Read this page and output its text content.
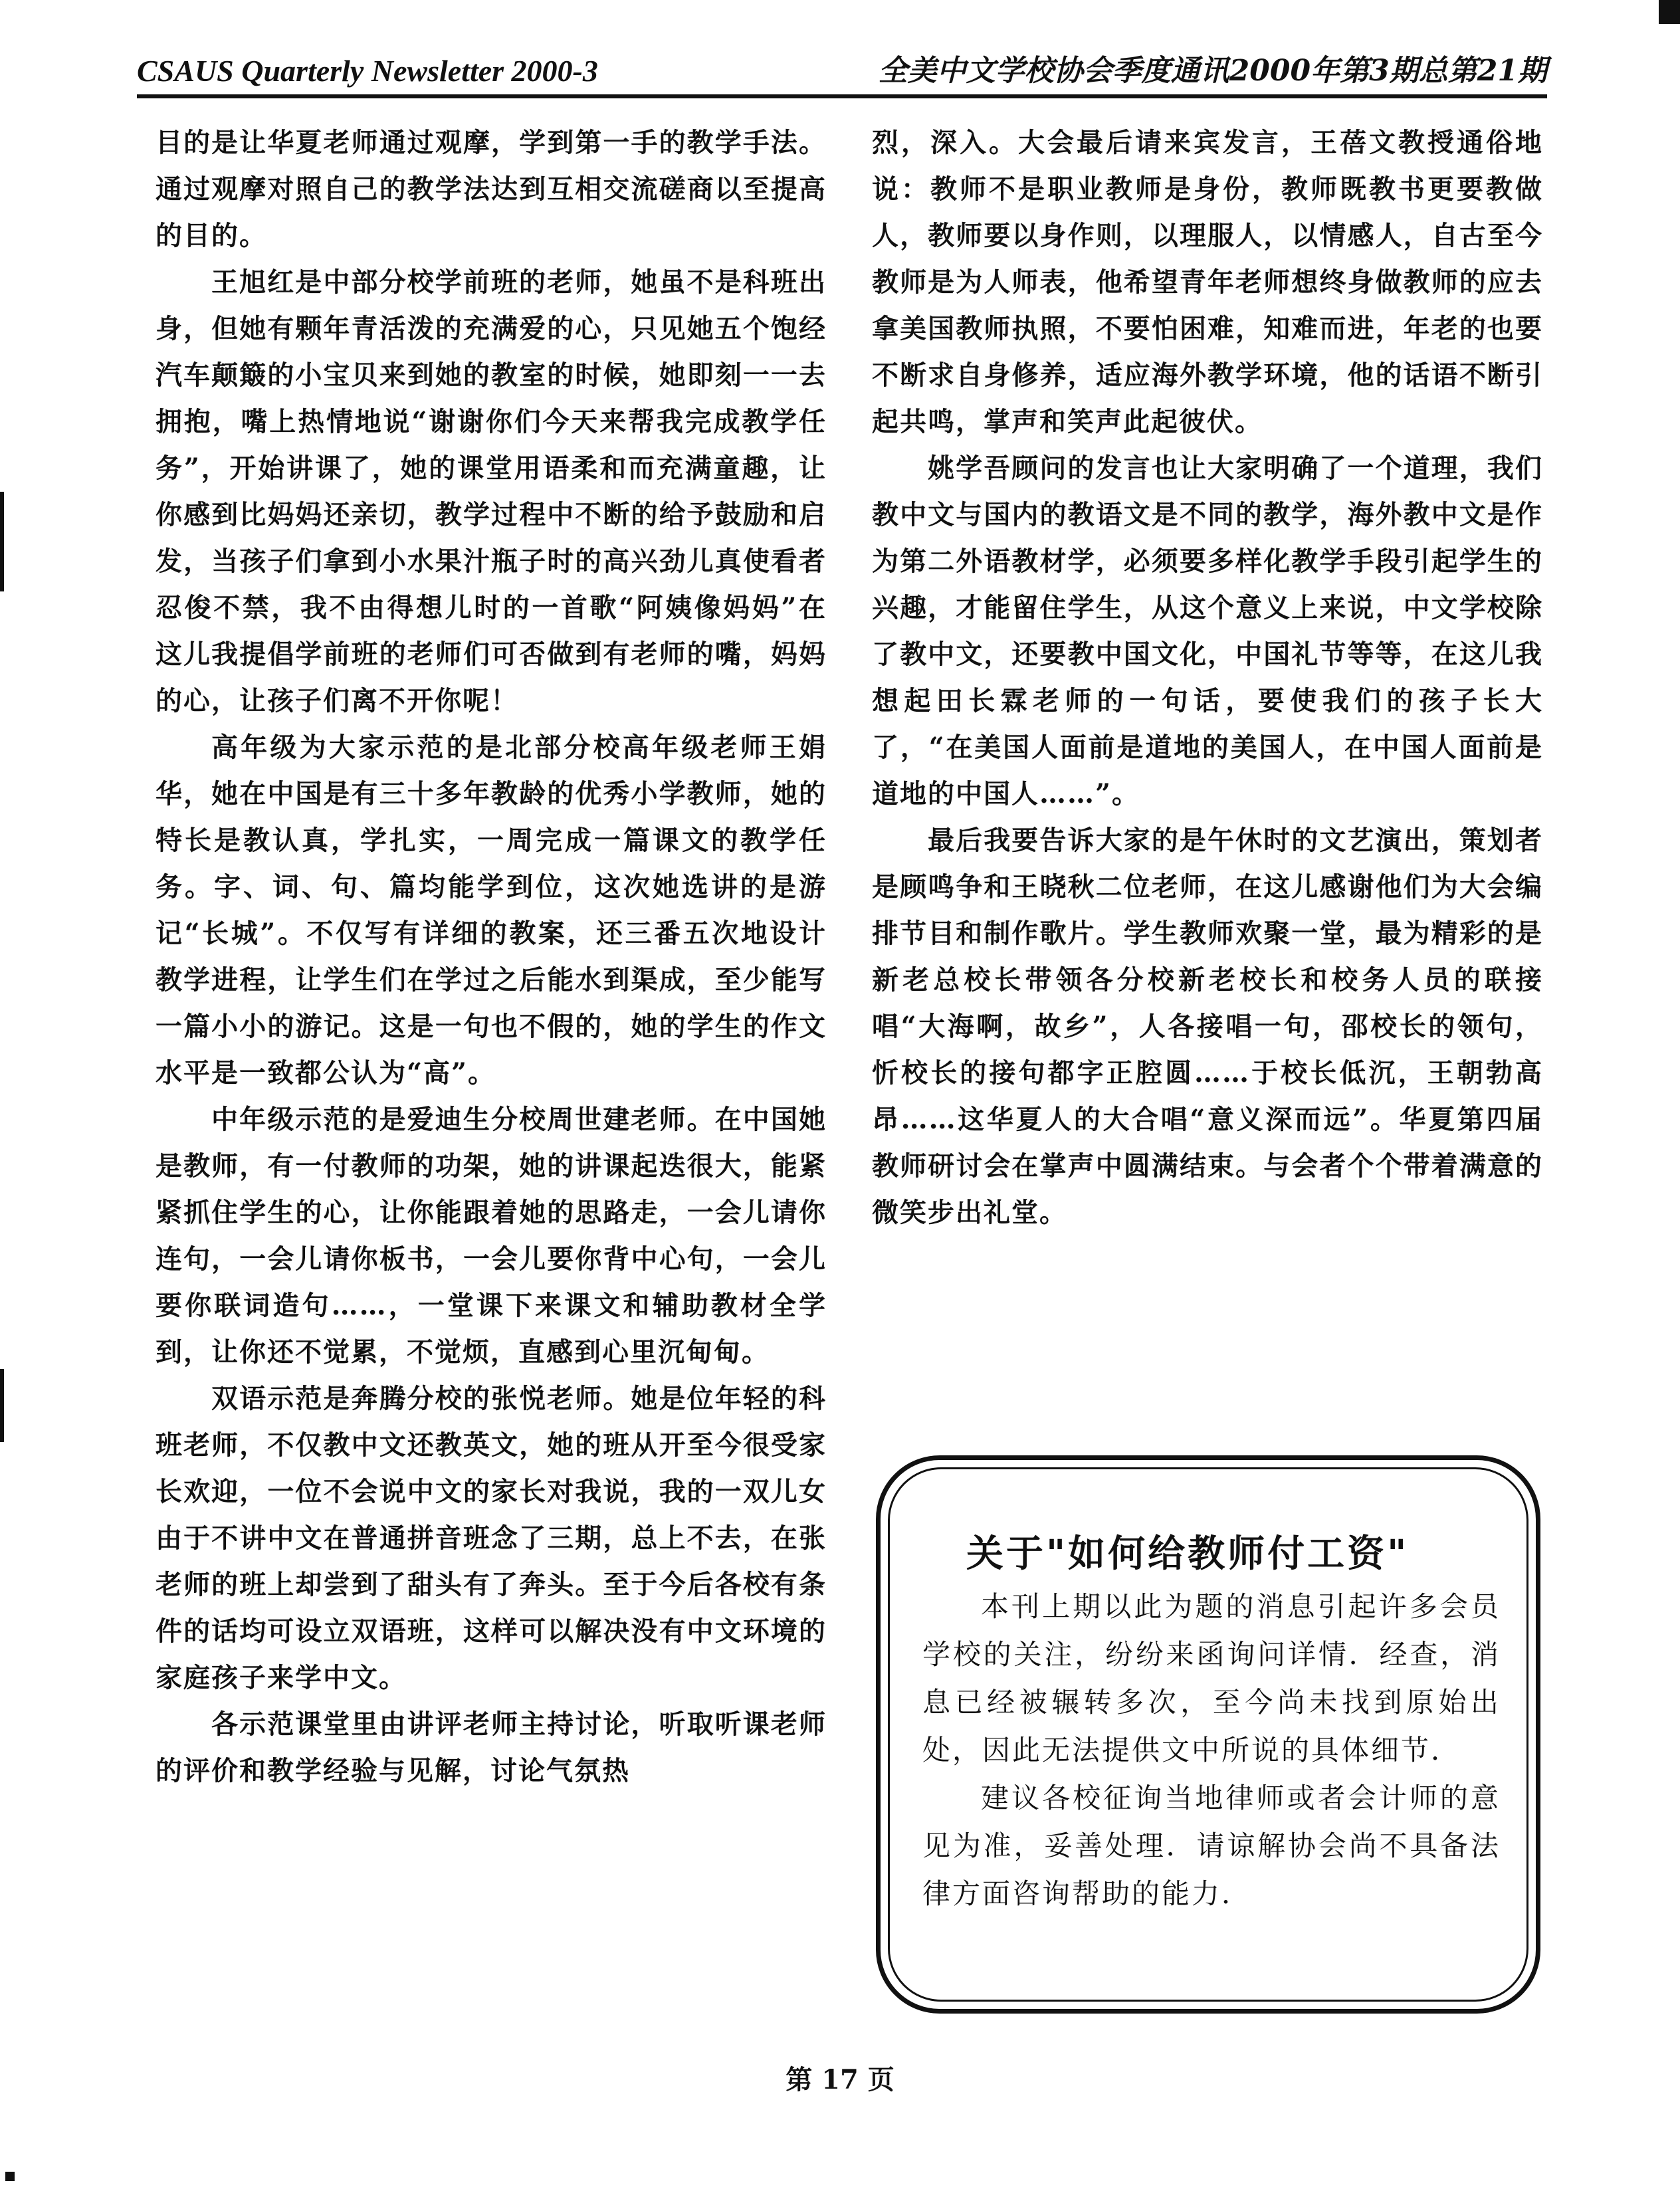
CSAUS Quarterly Newsletter 2000-3	全美中文学校协会季度通讯2000年第3期总第21期

目的是让华夏老师通过观摩，学到第一手的教学手法。通过观摩对照自己的教学法达到互相交流磋商以至提高的目的。

王旭红是中部分校学前班的老师，她虽不是科班出身，但她有颗年青活泼的充满爱的心，只见她五个饱经汽车颠簸的小宝贝来到她的教室的时候，她即刻一一去拥抱，嘴上热情地说“谢谢你们今天来帮我完成教学任务”，开始讲课了，她的课堂用语柔和而充满童趣，让你感到比妈妈还亲切，教学过程中不断的给予鼓励和启发，当孩子们拿到小水果汁瓶子时的高兴劲儿真使看者忍俊不禁，我不由得想儿时的一首歌“阿姨像妈妈”在这儿我提倡学前班的老师们可否做到有老师的嘴，妈妈的心，让孩子们离不开你呢！

高年级为大家示范的是北部分校高年级老师王娟华，她在中国是有三十多年教龄的优秀小学教师，她的特长是教认真，学扎实，一周完成一篇课文的教学任务。字、词、句、篇均能学到位，这次她选讲的是游记“长城”。不仅写有详细的教案，还三番五次地设计教学进程，让学生们在学过之后能水到渠成，至少能写一篇小小的游记。这是一句也不假的，她的学生的作文水平是一致都公认为“高”。

中年级示范的是爱迪生分校周世建老师。在中国她是教师，有一付教师的功架，她的讲课起迭很大，能紧紧抓住学生的心，让你能跟着她的思路走，一会儿请你连句，一会儿请你板书，一会儿要你背中心句，一会儿要你联词造句……，一堂课下来课文和辅助教材全学到，让你还不觉累，不觉烦，直感到心里沉甸甸。

双语示范是奔腾分校的张悦老师。她是位年轻的科班老师，不仅教中文还教英文，她的班从开至今很受家长欢迎，一位不会说中文的家长对我说，我的一双儿女由于不讲中文在普通拼音班念了三期，总上不去，在张老师的班上却尝到了甜头有了奔头。至于今后各校有条件的话均可设立双语班，这样可以解决没有中文环境的家庭孩子来学中文。

各示范课堂里由讲评老师主持讨论，听取听课老师的评价和教学经验与见解，讨论气氛热

烈，深入。大会最后请来宾发言，王蓓文教授通俗地说：教师不是职业教师是身份，教师既教书更要教做人，教师要以身作则，以理服人，以情感人，自古至今教师是为人师表，他希望青年老师想终身做教师的应去拿美国教师执照，不要怕困难，知难而进，年老的也要不断求自身修养，适应海外教学环境，他的话语不断引起共鸣，掌声和笑声此起彼伏。

姚学吾顾问的发言也让大家明确了一个道理，我们教中文与国内的教语文是不同的教学，海外教中文是作为第二外语教材学，必须要多样化教学手段引起学生的兴趣，才能留住学生，从这个意义上来说，中文学校除了教中文，还要教中国文化，中国礼节等等，在这儿我想起田长霖老师的一句话，要使我们的孩子长大了，“在美国人面前是道地的美国人，在中国人面前是道地的中国人……”。

最后我要告诉大家的是午休时的文艺演出，策划者是顾鸣争和王晓秋二位老师，在这儿感谢他们为大会编排节目和制作歌片。学生教师欢聚一堂，最为精彩的是新老总校长带领各分校新老校长和校务人员的联接唱“大海啊，故乡”，人各接唱一句，邵校长的领句，忻校长的接句都字正腔圆……于校长低沉，王朝勃高昂……这华夏人的大合唱“意义深而远”。华夏第四届教师研讨会在掌声中圆满结束。与会者个个带着满意的微笑步出礼堂。

关于"如何给教师付工资"

本刊上期以此为题的消息引起许多会员学校的关注，纷纷来函询问详情．经查，消息已经被辗转多次，至今尚未找到原始出处，因此无法提供文中所说的具体细节．

建议各校征询当地律师或者会计师的意见为准，妥善处理．请谅解协会尚不具备法律方面咨询帮助的能力．

第 17 页
